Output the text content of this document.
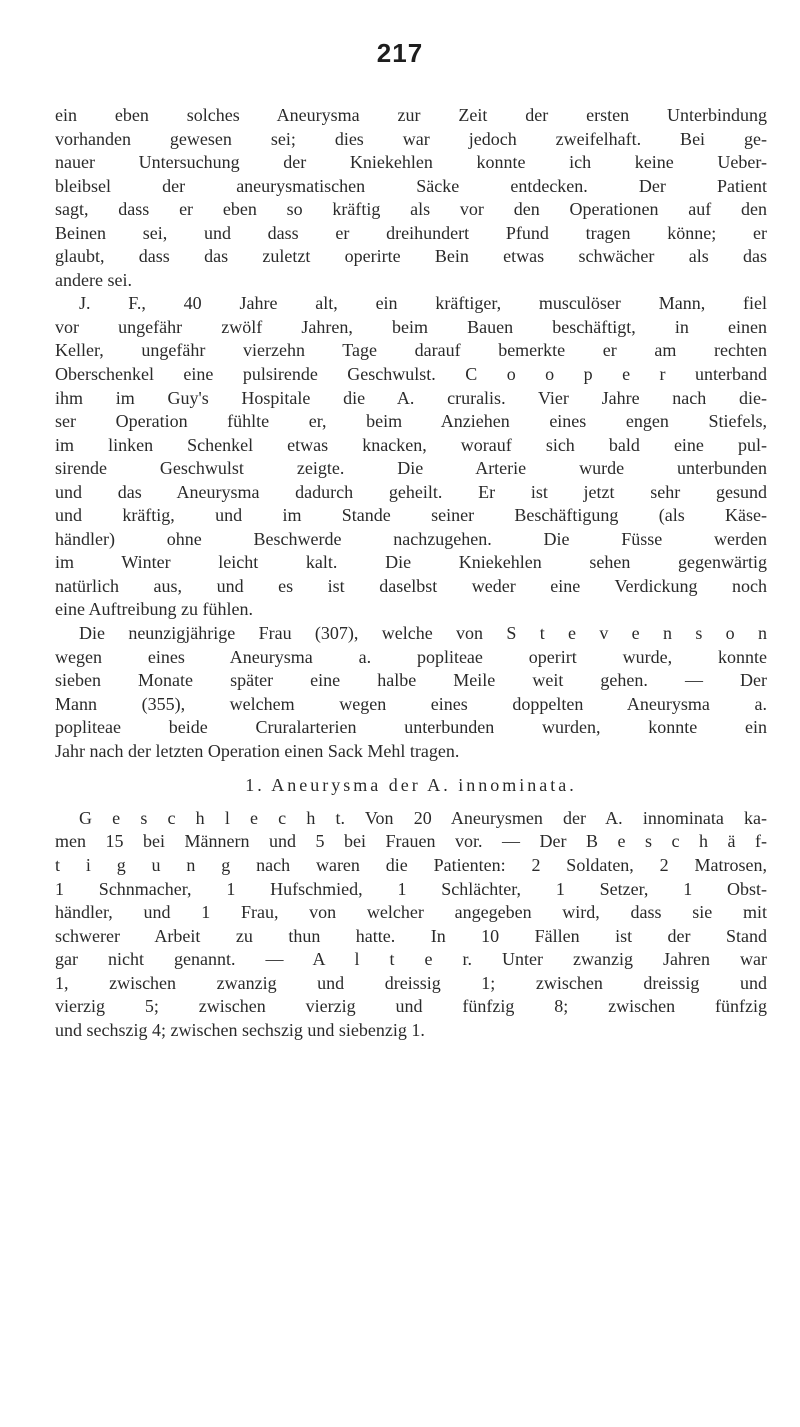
217
ein eben solches Aneurysma zur Zeit der ersten Unterbindung
vorhanden gewesen sei; dies war jedoch zweifelhaft. Bei ge-
nauer Untersuchung der Kniekehlen konnte ich keine Ueber-
bleibsel der aneurysmatischen Säcke entdecken. Der Patient
sagt, dass er eben so kräftig als vor den Operationen auf den
Beinen sei, und dass er dreihundert Pfund tragen könne; er
glaubt, dass das zuletzt operirte Bein etwas schwächer als das
andere sei.
J. F., 40 Jahre alt, ein kräftiger, musculöser Mann, fiel
vor ungefähr zwölf Jahren, beim Bauen beschäftigt, in einen
Keller, ungefähr vierzehn Tage darauf bemerkte er am rechten
Oberschenkel eine pulsirende Geschwulst. C o o p e r unterband
ihm im Guy's Hospitale die A. cruralis. Vier Jahre nach die-
ser Operation fühlte er, beim Anziehen eines engen Stiefels,
im linken Schenkel etwas knacken, worauf sich bald eine pul-
sirende Geschwulst zeigte. Die Arterie wurde unterbunden
und das Aneurysma dadurch geheilt. Er ist jetzt sehr gesund
und kräftig, und im Stande seiner Beschäftigung (als Käse-
händler) ohne Beschwerde nachzugehen. Die Füsse werden
im Winter leicht kalt. Die Kniekehlen sehen gegenwärtig
natürlich aus, und es ist daselbst weder eine Verdickung noch
eine Auftreibung zu fühlen.
Die neunzigjährige Frau (307), welche von S t e v e n s o n
wegen eines Aneurysma a. popliteae operirt wurde, konnte
sieben Monate später eine halbe Meile weit gehen. — Der
Mann (355), welchem wegen eines doppelten Aneurysma a.
popliteae beide Cruralarterien unterbunden wurden, konnte ein
Jahr nach der letzten Operation einen Sack Mehl tragen.
1. Aneurysma der A. innominata.
G e s c h l e c h t. Von 20 Aneurysmen der A. innominata ka-
men 15 bei Männern und 5 bei Frauen vor. — Der B e s c h ä f-
t i g u n g nach waren die Patienten: 2 Soldaten, 2 Matrosen,
1 Schnmacher, 1 Hufschmied, 1 Schlächter, 1 Setzer, 1 Obst-
händler, und 1 Frau, von welcher angegeben wird, dass sie mit
schwerer Arbeit zu thun hatte. In 10 Fällen ist der Stand
gar nicht genannt. — A l t e r. Unter zwanzig Jahren war
1, zwischen zwanzig und dreissig 1; zwischen dreissig und
vierzig 5; zwischen vierzig und fünfzig 8; zwischen fünfzig
und sechszig 4; zwischen sechszig und siebenzig 1.
